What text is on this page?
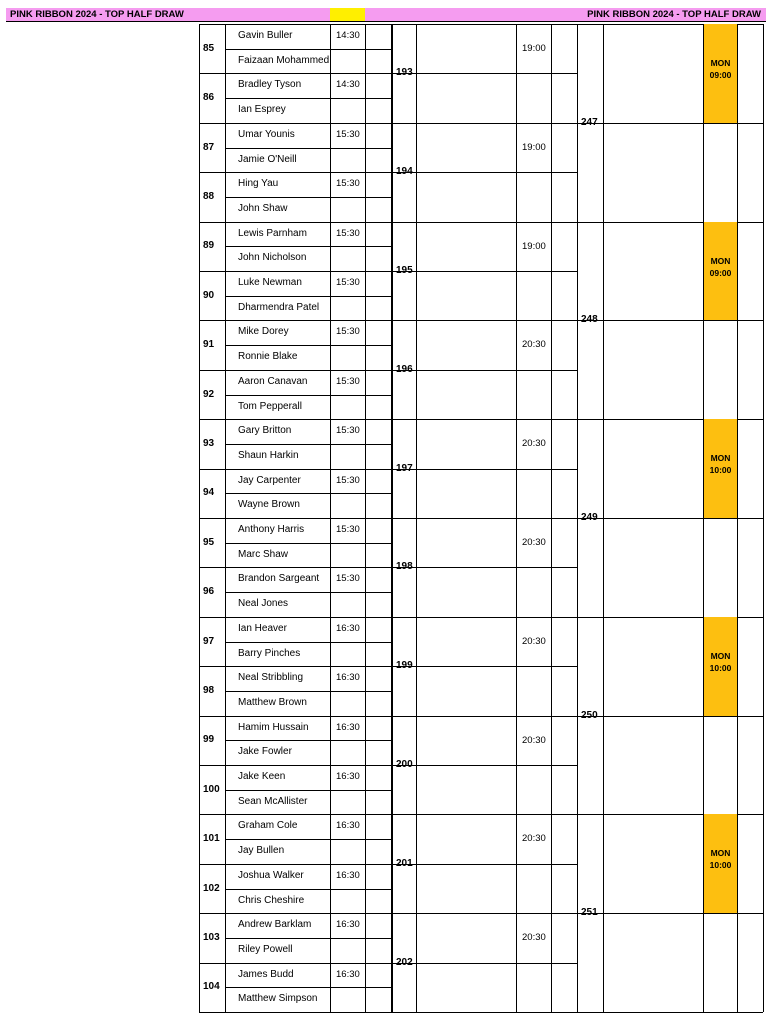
PINK RIBBON 2024 - TOP HALF DRAW	PINK RIBBON 2024 - TOP HALF DRAW
85
Gavin Buller
Faizaan Mohammed
14:30
86
Bradley Tyson
Ian Esprey
14:30
87
Umar Younis
Jamie O'Neill
15:30
88
Hing Yau
John Shaw
15:30
89
Lewis Parnham
John Nicholson
15:30
90
Luke Newman
Dharmendra Patel
15:30
91
Mike Dorey
Ronnie Blake
15:30
92
Aaron Canavan
Tom Pepperall
15:30
93
Gary Britton
Shaun Harkin
15:30
94
Jay Carpenter
Wayne Brown
15:30
95
Anthony Harris
Marc Shaw
15:30
96
Brandon Sargeant
Neal Jones
15:30
97
Ian Heaver
Barry Pinches
16:30
98
Neal Stribbling
Matthew Brown
16:30
99
Hamim Hussain
Jake Fowler
16:30
100
Jake Keen
Sean McAllister
16:30
101
Graham Cole
Jay Bullen
16:30
102
Joshua Walker
Chris Cheshire
16:30
103
Andrew Barklam
Riley Powell
16:30
104
James Budd
Matthew Simpson
16:30
193
19:00
194
19:00
195
19:00
196
20:30
197
20:30
198
20:30
199
20:30
200
20:30
201
20:30
202
20:30
247
MON
09:00
248
MON
09:00
249
MON
10:00
250
MON
10:00
251
MON
10:00
